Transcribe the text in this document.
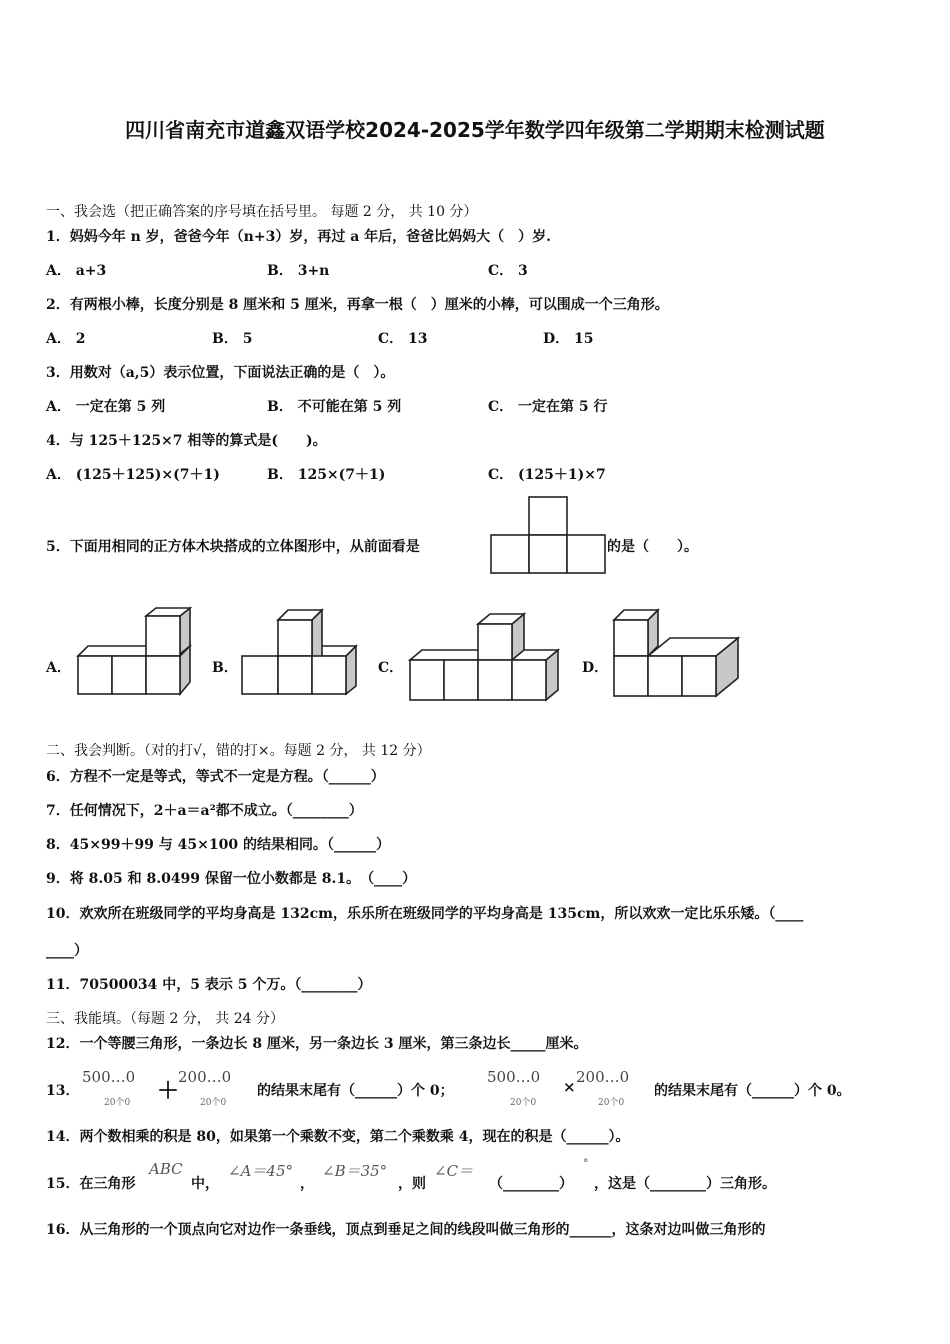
四川省南充市道鑫双语学校2024-2025学年数学四年级第二学期期末检测试题
一、我会选（把正确答案的序号填在括号里。 每题 2 分， 共 10 分）
1．妈妈今年 n 岁，爸爸今年（n+3）岁，再过 a 年后，爸爸比妈妈大（　）岁.
A． a+3	B． 3+n	C． 3
2．有两根小棒，长度分别是 8 厘米和 5 厘米，再拿一根（　）厘米的小棒，可以围成一个三角形。
A． 2	B． 5	C． 13	D． 15
3．用数对（a,5）表示位置，下面说法正确的是（　）。
A． 一定在第 5 列	B． 不可能在第 5 列	C． 一定在第 5 行
4．与 125＋125×7 相等的算式是(　　)。
A． (125＋125)×(7＋1)	B． 125×(7＋1)	C． (125＋1)×7
5．下面用相同的正方体木块搭成的立体图形中，从前面看是	的是（　　）。
A．	B．	C．	D．
二、我会判断。（对的打√，错的打×。每题 2 分， 共 12 分）
6．方程不一定是等式，等式不一定是方程。（______）
7．任何情况下，2＋a＝a²都不成立。（________）
8．45×99＋99 与 45×100 的结果相同。（______）
9．将 8.05 和 8.0499 保留一位小数都是 8.1。　（____）
10．欢欢所在班级同学的平均身高是 132cm，乐乐所在班级同学的平均身高是 135cm，所以欢欢一定比乐乐矮。（____
____）
11．70500034 中，5 表示 5 个万。（________）
三、我能填。（每题 2 分， 共 24 分）
12．一个等腰三角形，一条边长 8 厘米，另一条边长 3 厘米，第三条边长_____厘米。
13．
500…0
20个0 ＋
200…0
20个0
的结果末尾有（______）个 0；
500…0
20个0
×
200…0
20个0
的结果末尾有（______）个 0。
14．两个数相乘的积是 80，如果第一个乘数不变，第二个乘数乘 4，现在的积是（______）。
15．在三角形
ABC
中，
∠A＝45°
，
∠B＝35°
，则
∠C＝	°
（________） ，这是（________）三角形。
16．从三角形的一个顶点向它对边作一条垂线，顶点到垂足之间的线段叫做三角形的______，这条对边叫做三角形的
